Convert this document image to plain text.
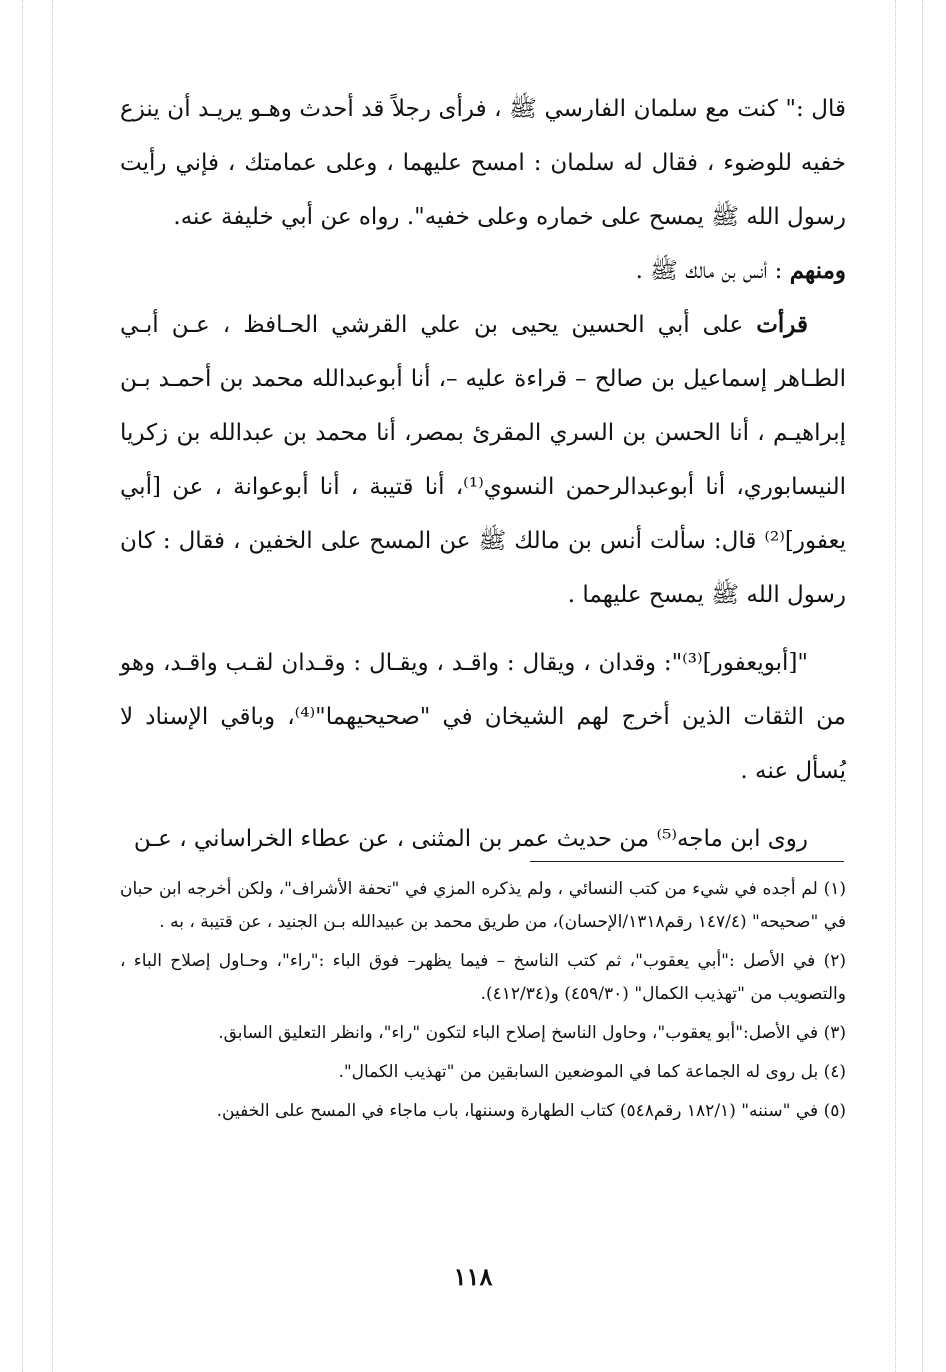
قال :" كنت مع سلمان الفارسي ﷺ ، فرأى رجلاً قد أحدث وهـو يريـد أن ينزع خفيه للوضوء ، فقال له سلمان : امسح عليهما ، وعلى عمامتك ، فإني رأيت رسول الله ﷺ يمسح على خماره وعلى خفيه". رواه عن أبي خليفة عنه.

ومنهم : أنس بن مالك ﷺ .

قرأت على أبي الحسين يحيى بن علي القرشي الحـافظ ، عـن أبـي الطـاهر إسماعيل بن صالح – قراءة عليه –، أنا أبوعبدالله محمد بن أحمـد بـن إبراهيـم ، أنا الحسن بن السري المقرئ بمصر، أنا محمد بن عبدالله بن زكريا النيسابوري، أنا أبوعبدالرحمن النسوي⁽¹⁾، أنا قتيبة ، أنا أبوعوانة ، عن [أبي يعفور]⁽²⁾ قال: سألت أنس بن مالك ﷺ عن المسح على الخفين ، فقال : كان رسول الله ﷺ يمسح عليهما .

"[أبويعفور]⁽³⁾": وقدان ، ويقال : واقـد ، ويقـال : وقـدان لقـب واقـد، وهو من الثقات الذين أخرج لهم الشيخان في "صحيحيهما"⁽⁴⁾، وباقي الإسناد لا يُسأل عنه .

روى ابن ماجه⁽⁵⁾ من حديث عمر بن المثنى ، عن عطاء الخراساني ، عـن

(١) لم أجده في شيء من كتب النسائي ، ولم يذكره المزي في "تحفة الأشراف"، ولكن أخرجه ابن حبان في "صحيحه" (١٤٧/٤ رقم١٣١٨/الإحسان)، من طريق محمد بن عبيدالله بـن الجنيد ، عن قتيبة ، به .

(٢) في الأصل :"أبي يعقوب"، ثم كتب الناسخ – فيما يظهر– فوق الباء :"راء"، وحـاول إصلاح الباء ، والتصويب من "تهذيب الكمال" (٤٥٩/٣٠) و(٤١٢/٣٤).

(٣) في الأصل:"أبو يعقوب"، وحاول الناسخ إصلاح الباء لتكون "راء"، وانظر التعليق السابق.

(٤) بل روى له الجماعة كما في الموضعين السابقين من "تهذيب الكمال".

(٥) في "سننه" (١٨٢/١ رقم٥٤٨) كتاب الطهارة وسننها، باب ماجاء في المسح على الخفين.

١١٨
